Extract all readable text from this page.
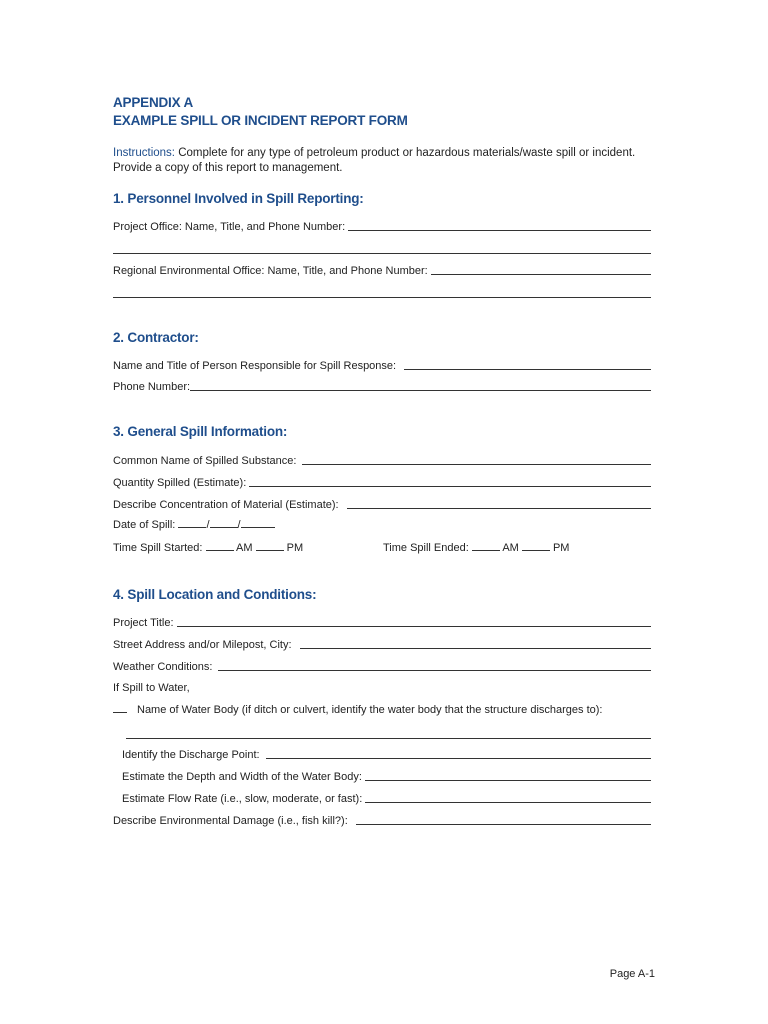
APPENDIX A
EXAMPLE SPILL OR INCIDENT REPORT FORM
Instructions: Complete for any type of petroleum product or hazardous materials/waste spill or incident. Provide a copy of this report to management.
1. Personnel Involved in Spill Reporting:
Project Office: Name, Title, and Phone Number:
Regional Environmental Office: Name, Title, and Phone Number:
2. Contractor:
Name and Title of Person Responsible for Spill Response:
Phone Number:
3. General Spill Information:
Common Name of Spilled Substance:
Quantity Spilled (Estimate):
Describe Concentration of Material (Estimate):
Date of Spill:	/	/
Time Spill Started:	AM	PM	Time Spill Ended:	AM	PM
4. Spill Location and Conditions:
Project Title:
Street Address and/or Milepost, City:
Weather Conditions:
If Spill to Water,
Name of Water Body (if ditch or culvert, identify the water body that the structure discharges to):
Identify the Discharge Point:
Estimate the Depth and Width of the Water Body:
Estimate Flow Rate (i.e., slow, moderate, or fast):
Describe Environmental Damage (i.e., fish kill?):
Page A-1
